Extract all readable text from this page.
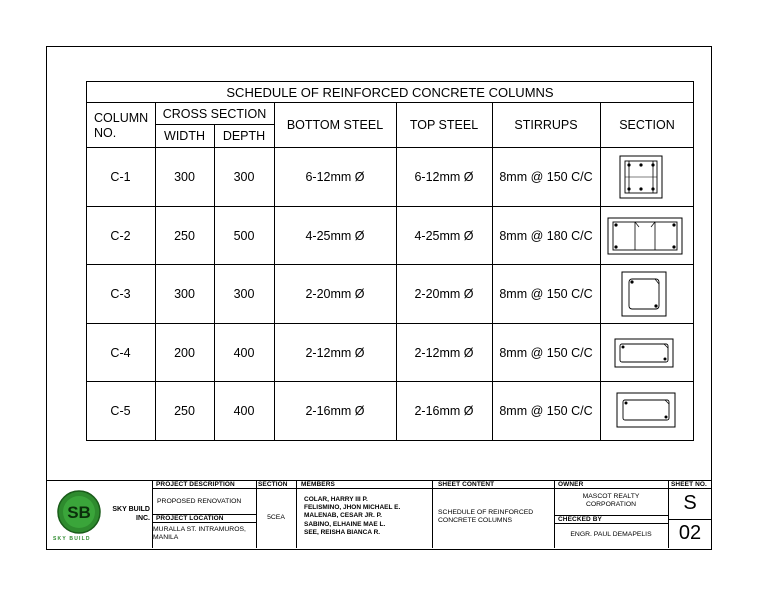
SCHEDULE OF REINFORCED CONCRETE COLUMNS
COLUMN
NO.
CROSS SECTION
WIDTH	DEPTH
BOTTOM STEEL	TOP STEEL	STIRRUPS	SECTION
C-1	300	300	6-12mm Ø	6-12mm Ø	8mm @ 150 C/C
C-2	250	500	4-25mm Ø	4-25mm Ø	8mm @ 180 C/C
C-3	300	300	2-20mm Ø	2-20mm Ø	8mm @ 150 C/C
C-4	200	400	2-12mm Ø	2-12mm Ø	8mm @ 150 C/C
C-5	250	400	2-16mm Ø	2-16mm Ø	8mm @ 150 C/C
SB
SKY BUILD
SKY BUILD
INC.
PROJECT DESCRIPTION
PROPOSED RENOVATION
PROJECT LOCATION
MURALLA ST. INTRAMUROS,
MANILA
SECTION
5CEA
MEMBERS
COLAR, HARRY III P.
FELISMINO, JHON MICHAEL E.
MALENAB, CESAR JR. P.
SABINO, ELHAINE MAE L.
SEE, REISHA BIANCA R.
SHEET CONTENT
SCHEDULE OF REINFORCED
CONCRETE COLUMNS
OWNER
MASCOT REALTY
CORPORATION
CHECKED BY
ENGR. PAUL DEMAPELIS
SHEET NO.
S
02
